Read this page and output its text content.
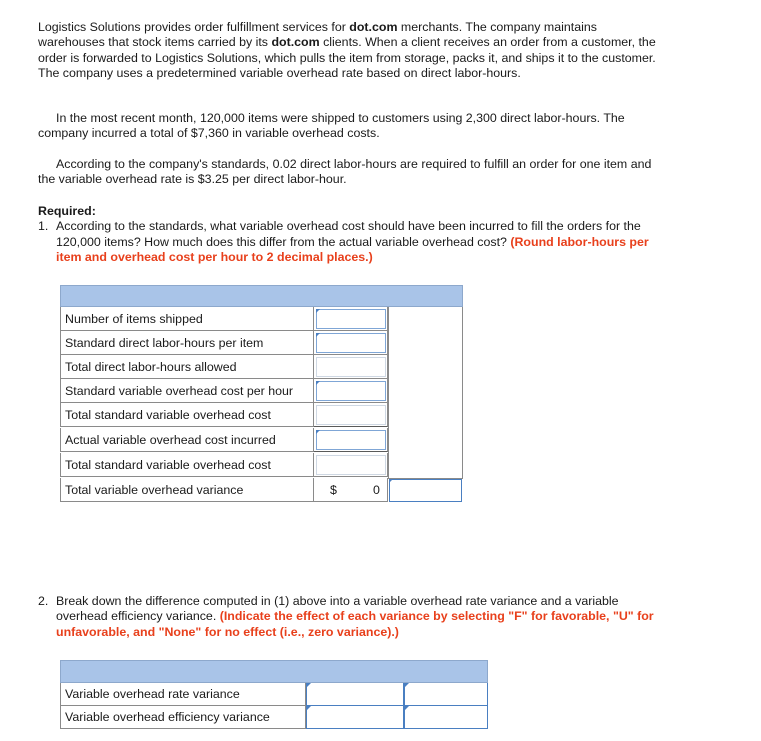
Logistics Solutions provides order fulfillment services for dot.com merchants. The company maintains warehouses that stock items carried by its dot.com clients. When a client receives an order from a customer, the order is forwarded to Logistics Solutions, which pulls the item from storage, packs it, and ships it to the customer. The company uses a predetermined variable overhead rate based on direct labor-hours.

In the most recent month, 120,000 items were shipped to customers using 2,300 direct labor-hours. The company incurred a total of $7,360 in variable overhead costs.

According to the company's standards, 0.02 direct labor-hours are required to fulfill an order for one item and the variable overhead rate is $3.25 per direct labor-hour.

Required:
1. According to the standards, what variable overhead cost should have been incurred to fill the orders for the 120,000 items? How much does this differ from the actual variable overhead cost? (Round labor-hours per item and overhead cost per hour to 2 decimal places.)
Number of items shipped
Standard direct labor-hours per item
Total direct labor-hours allowed
Standard variable overhead cost per hour
Total standard variable overhead cost
Actual variable overhead cost incurred
Total standard variable overhead cost
Total variable overhead variance	$	0
2. Break down the difference computed in (1) above into a variable overhead rate variance and a variable overhead efficiency variance. (Indicate the effect of each variance by selecting "F" for favorable, "U" for unfavorable, and "None" for no effect (i.e., zero variance).)
Variable overhead rate variance
Variable overhead efficiency variance
